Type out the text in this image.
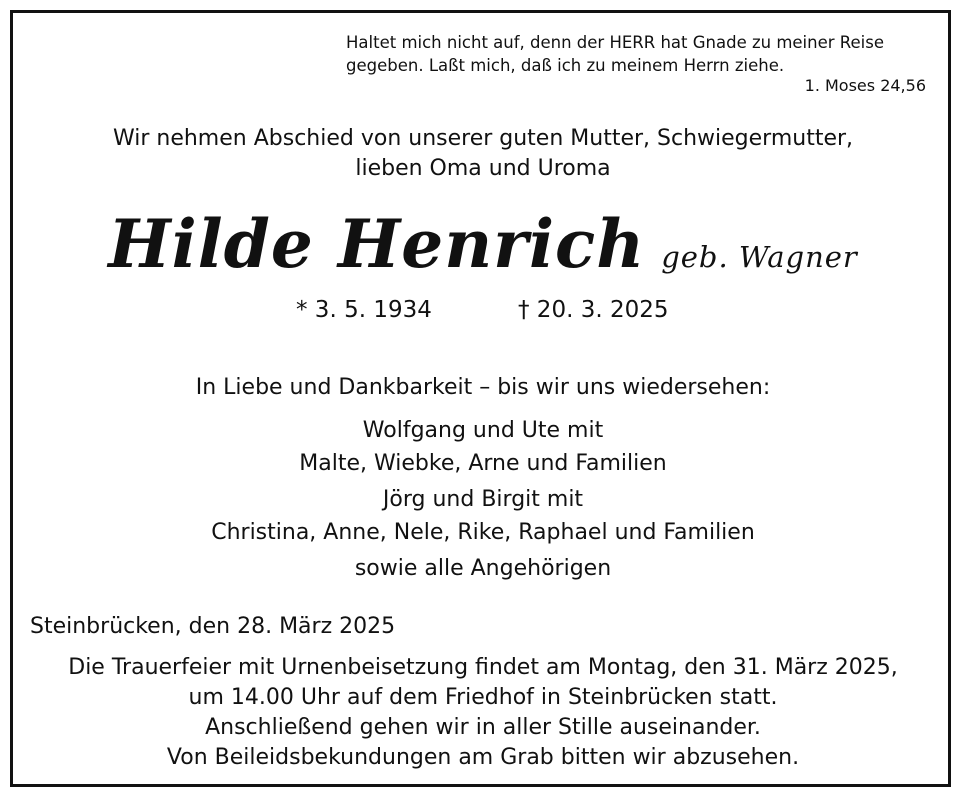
Haltet mich nicht auf, denn der HERR hat Gnade zu meiner Reise gegeben. Laßt mich, daß ich zu meinem Herrn ziehe.
1. Moses 24,56
Wir nehmen Abschied von unserer guten Mutter, Schwiegermutter,
lieben Oma und Uroma
Hilde Henrich geb. Wagner
* 3. 5. 1934	† 20. 3. 2025
In Liebe und Dankbarkeit – bis wir uns wiedersehen:
Wolfgang und Ute mit
Malte, Wiebke, Arne und Familien
Jörg und Birgit mit
Christina, Anne, Nele, Rike, Raphael und Familien
sowie alle Angehörigen
Steinbrücken, den 28. März 2025
Die Trauerfeier mit Urnenbeisetzung findet am Montag, den 31. März 2025,
um 14.00 Uhr auf dem Friedhof in Steinbrücken statt.
Anschließend gehen wir in aller Stille auseinander.
Von Beileidsbekundungen am Grab bitten wir abzusehen.
